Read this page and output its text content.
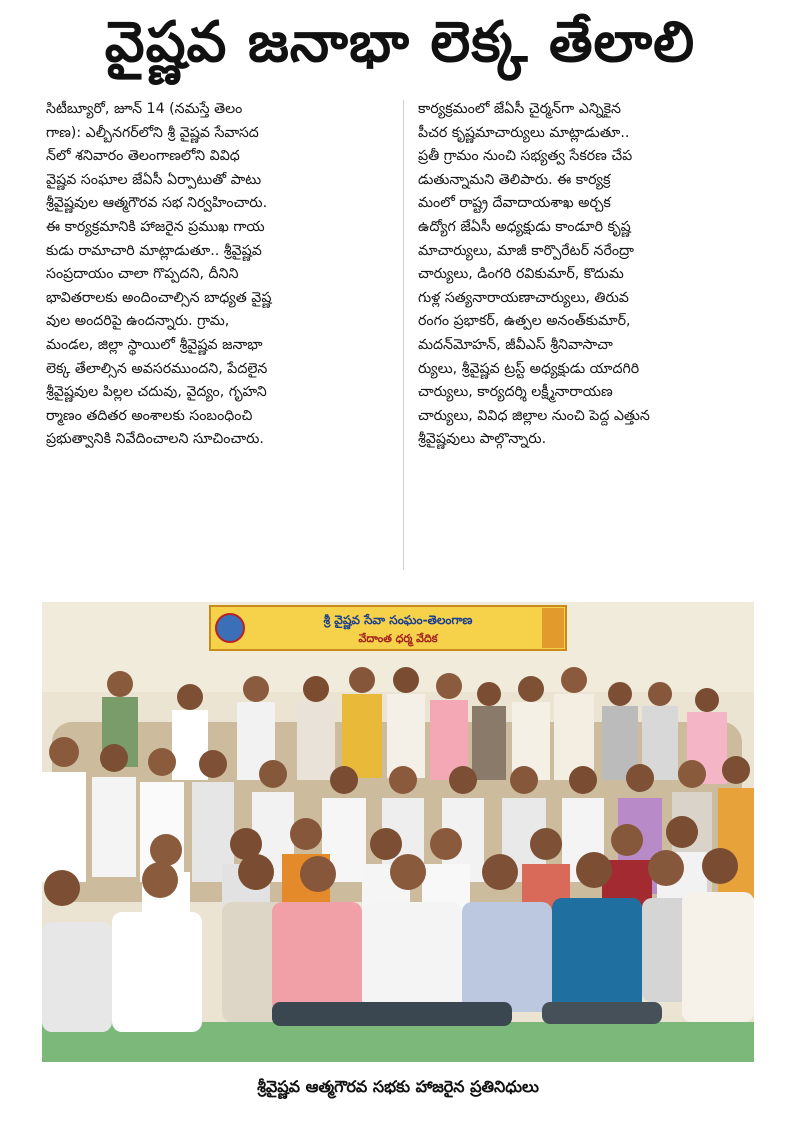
వైష్ణవ జనాభా లెక్క తేలాలి
సిటీబ్యూరో, జూన్ 14 (నమస్తే తెలం
గాణ): ఎల్బీనగర్‌లోని శ్రీ వైష్ణవ సేవాసద
న్‌లో శనివారం తెలంగాణలోని వివిధ
వైష్ణవ సంఘాల జేఏసీ ఏర్పాటుతో పాటు
శ్రీవైష్ణవుల ఆత్మగౌరవ సభ నిర్వహించారు.
ఈ కార్యక్రమానికి హాజరైన ప్రముఖ గాయ
కుడు రామాచారి మాట్లాడుతూ.. శ్రీవైష్ణవ
సంప్రదాయం చాలా గొప్పదని, దీనిని
భావితరాలకు అందించాల్సిన బాధ్యత వైష్ణ
వుల అందరిపై ఉందన్నారు. గ్రామ,
మండల, జిల్లా స్థాయిలో శ్రీవైష్ణవ జనాభా
లెక్క తేలాల్సిన అవసరముందని, పేదలైన
శ్రీవైష్ణవుల పిల్లల చదువు, వైద్యం, గృహని
ర్మాణం తదితర అంశాలకు సంబంధించి
ప్రభుత్వానికి నివేదించాలని సూచించారు.
కార్యక్రమంలో జేఏసీ చైర్మన్‌గా ఎన్నికైన
పీచర కృష్ణమాచార్యులు మాట్లాడుతూ..
ప్రతీ గ్రామం నుంచి సభ్యత్వ సేకరణ చేప
డుతున్నామని తెలిపారు. ఈ కార్యక్ర
మంలో రాష్ట్ర దేవాదాయశాఖ అర్చక
ఉద్యోగ జేఏసీ అధ్యక్షుడు కాండూరి కృష్ణ
మాచార్యులు, మాజీ కార్పొరేటర్ నరేంద్రా
చార్యులు, డింగరి రవికుమార్, కొదుమ
గుళ్ల సత్యనారాయణాచార్యులు, తిరువ
రంగం ప్రభాకర్, ఉత్పల అనంత్‌కుమార్,
మదన్‌మోహన్, జీవీఎస్ శ్రీనివాసాచా
ర్యులు, శ్రీవైష్ణవ ట్రస్ట్ అధ్యక్షుడు యాదగిరి
చార్యులు, కార్యదర్శి లక్ష్మీనారాయణ
చార్యులు, వివిధ జిల్లాల నుంచి పెద్ద ఎత్తున
శ్రీవైష్ణవులు పాల్గొన్నారు.
శ్రీ వైష్ణవ సేవా సంఘం-తెలంగాణ
వేదాంత ధర్మ వేదిక
శ్రీవైష్ణవ ఆత్మగౌరవ సభకు హాజరైన ప్రతినిధులు
